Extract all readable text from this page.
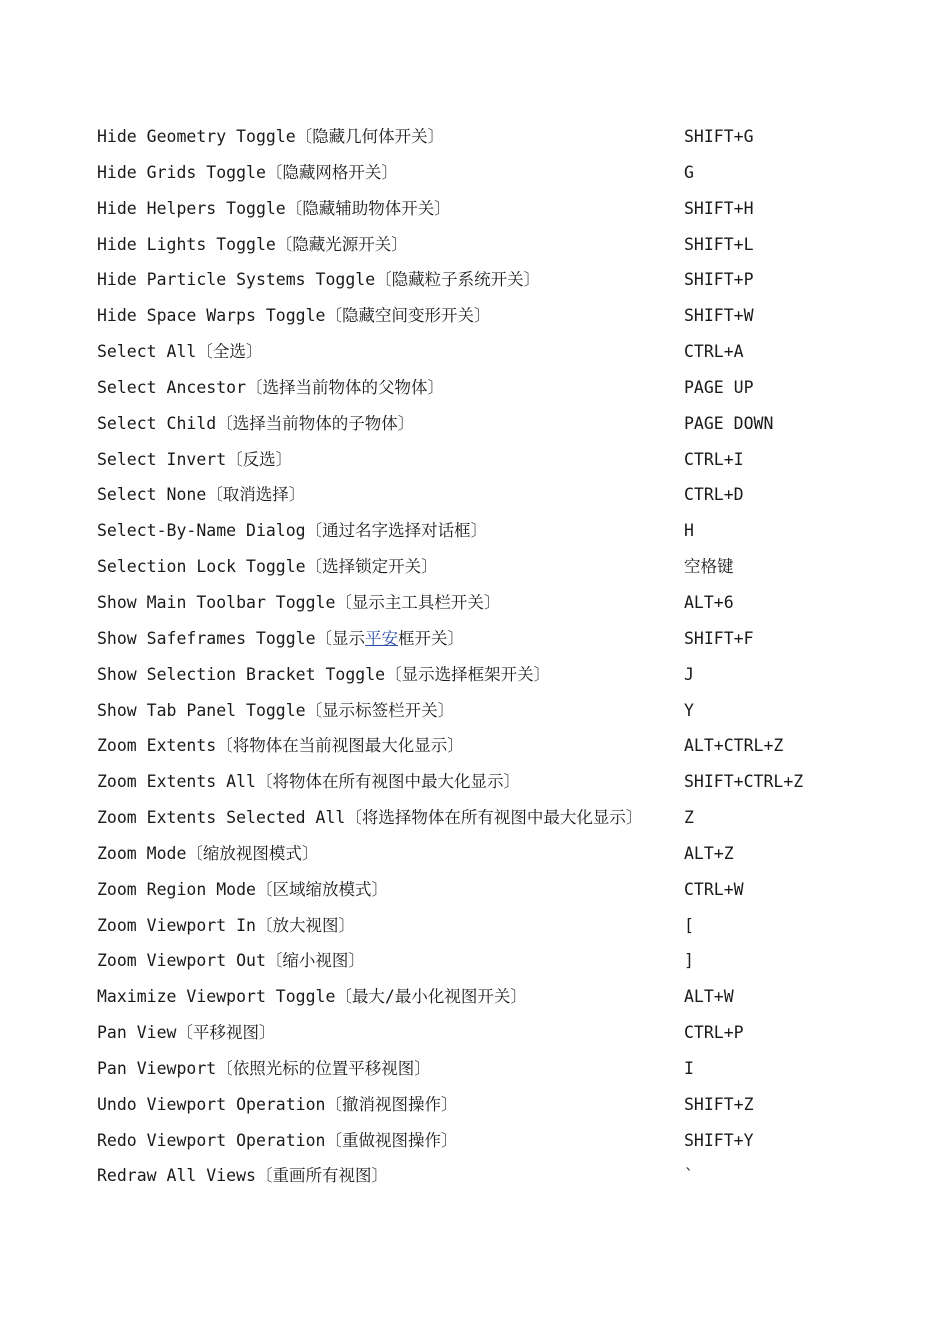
Hide Geometry Toggle〔隐藏几何体开关〕	SHIFT+G
Hide Grids Toggle〔隐藏网格开关〕	G
Hide Helpers Toggle〔隐藏辅助物体开关〕	SHIFT+H
Hide Lights Toggle〔隐藏光源开关〕	SHIFT+L
Hide Particle Systems Toggle〔隐藏粒子系统开关〕	SHIFT+P
Hide Space Warps Toggle〔隐藏空间变形开关〕	SHIFT+W
Select All〔全选〕	CTRL+A
Select Ancestor〔选择当前物体的父物体〕	PAGE UP
Select Child〔选择当前物体的子物体〕	PAGE DOWN
Select Invert〔反选〕	CTRL+I
Select None〔取消选择〕	CTRL+D
Select-By-Name Dialog〔通过名字选择对话框〕	H
Selection Lock Toggle〔选择锁定开关〕	空格键
Show Main Toolbar Toggle〔显示主工具栏开关〕	ALT+6
Show Safeframes Toggle〔显示平安框开关〕	SHIFT+F
Show Selection Bracket Toggle〔显示选择框架开关〕	J
Show Tab Panel Toggle〔显示标签栏开关〕	Y
Zoom Extents〔将物体在当前视图最大化显示〕	ALT+CTRL+Z
Zoom Extents All〔将物体在所有视图中最大化显示〕	SHIFT+CTRL+Z
Zoom Extents Selected All〔将选择物体在所有视图中最大化显示〕	Z
Zoom Mode〔缩放视图模式〕	ALT+Z
Zoom Region Mode〔区域缩放模式〕	CTRL+W
Zoom Viewport In〔放大视图〕	[
Zoom Viewport Out〔缩小视图〕	]
Maximize Viewport Toggle〔最大/最小化视图开关〕	ALT+W
Pan View〔平移视图〕	CTRL+P
Pan Viewport〔依照光标的位置平移视图〕	I
Undo Viewport Operation〔撤消视图操作〕	SHIFT+Z
Redo Viewport Operation〔重做视图操作〕	SHIFT+Y
Redraw All Views〔重画所有视图〕	`
